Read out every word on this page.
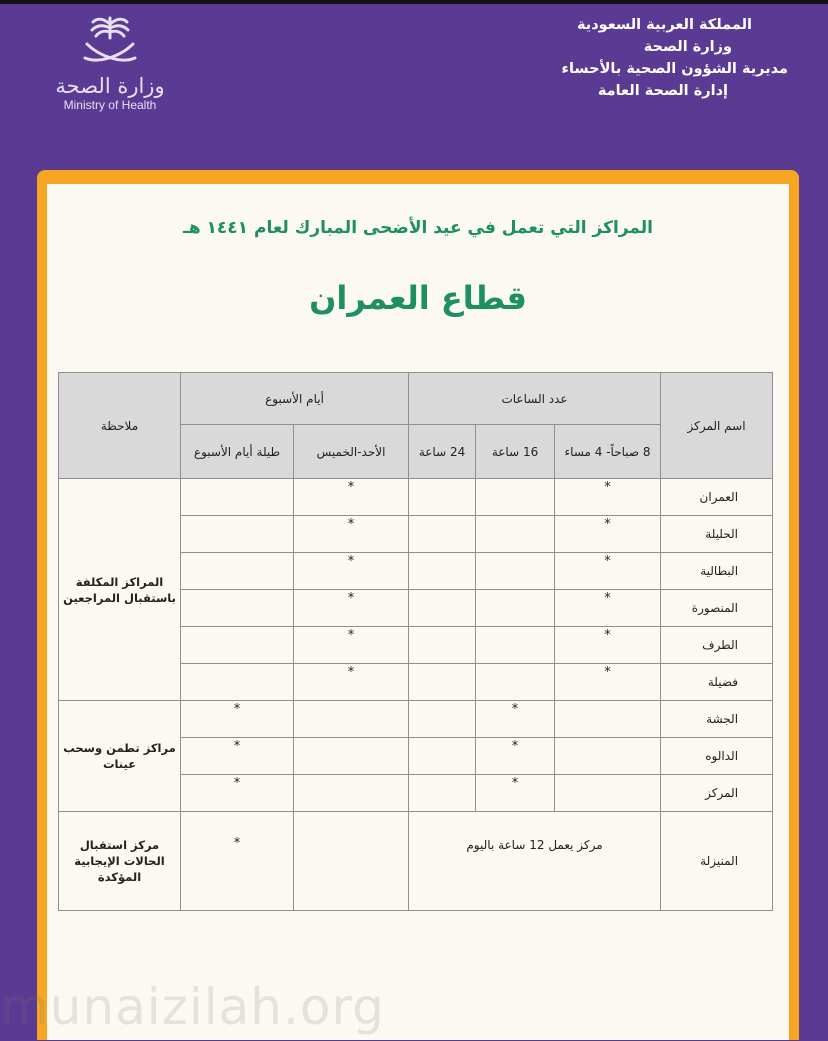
وزارة الصحة
Ministry of Health
المملكة العربية السعودية
وزارة الصحة
مديرية الشؤون الصحية بالأحساء
إدارة الصحة العامة
المراكز التي تعمل في عيد الأضحى المبارك لعام ١٤٤١ هـ
قطاع العمران
اسم المركز	عدد الساعات			أيام الأسبوع		ملاحظة
	8 صباحاً- 4 مساء	16 ساعة	24 ساعة	الأحد-الخميس	طيلة أيام الأسبوع	
العمران	*			*		المراكز المكلفة باستقبال المراجعين
الحليلة	*			*		
البطالية	*			*		
المنصورة	*			*		
الطرف	*			*		
فضيلة	*			*		
الجشة		*			*	مراكز تطمن وسحب عينات
الدالوه		*			*	
المركز		*			*	
المنيزلة	مركز يعمل 12 ساعة باليوم				*	مركز استقبال الحالات الإيجابية المؤكدة
munaizilah.org
